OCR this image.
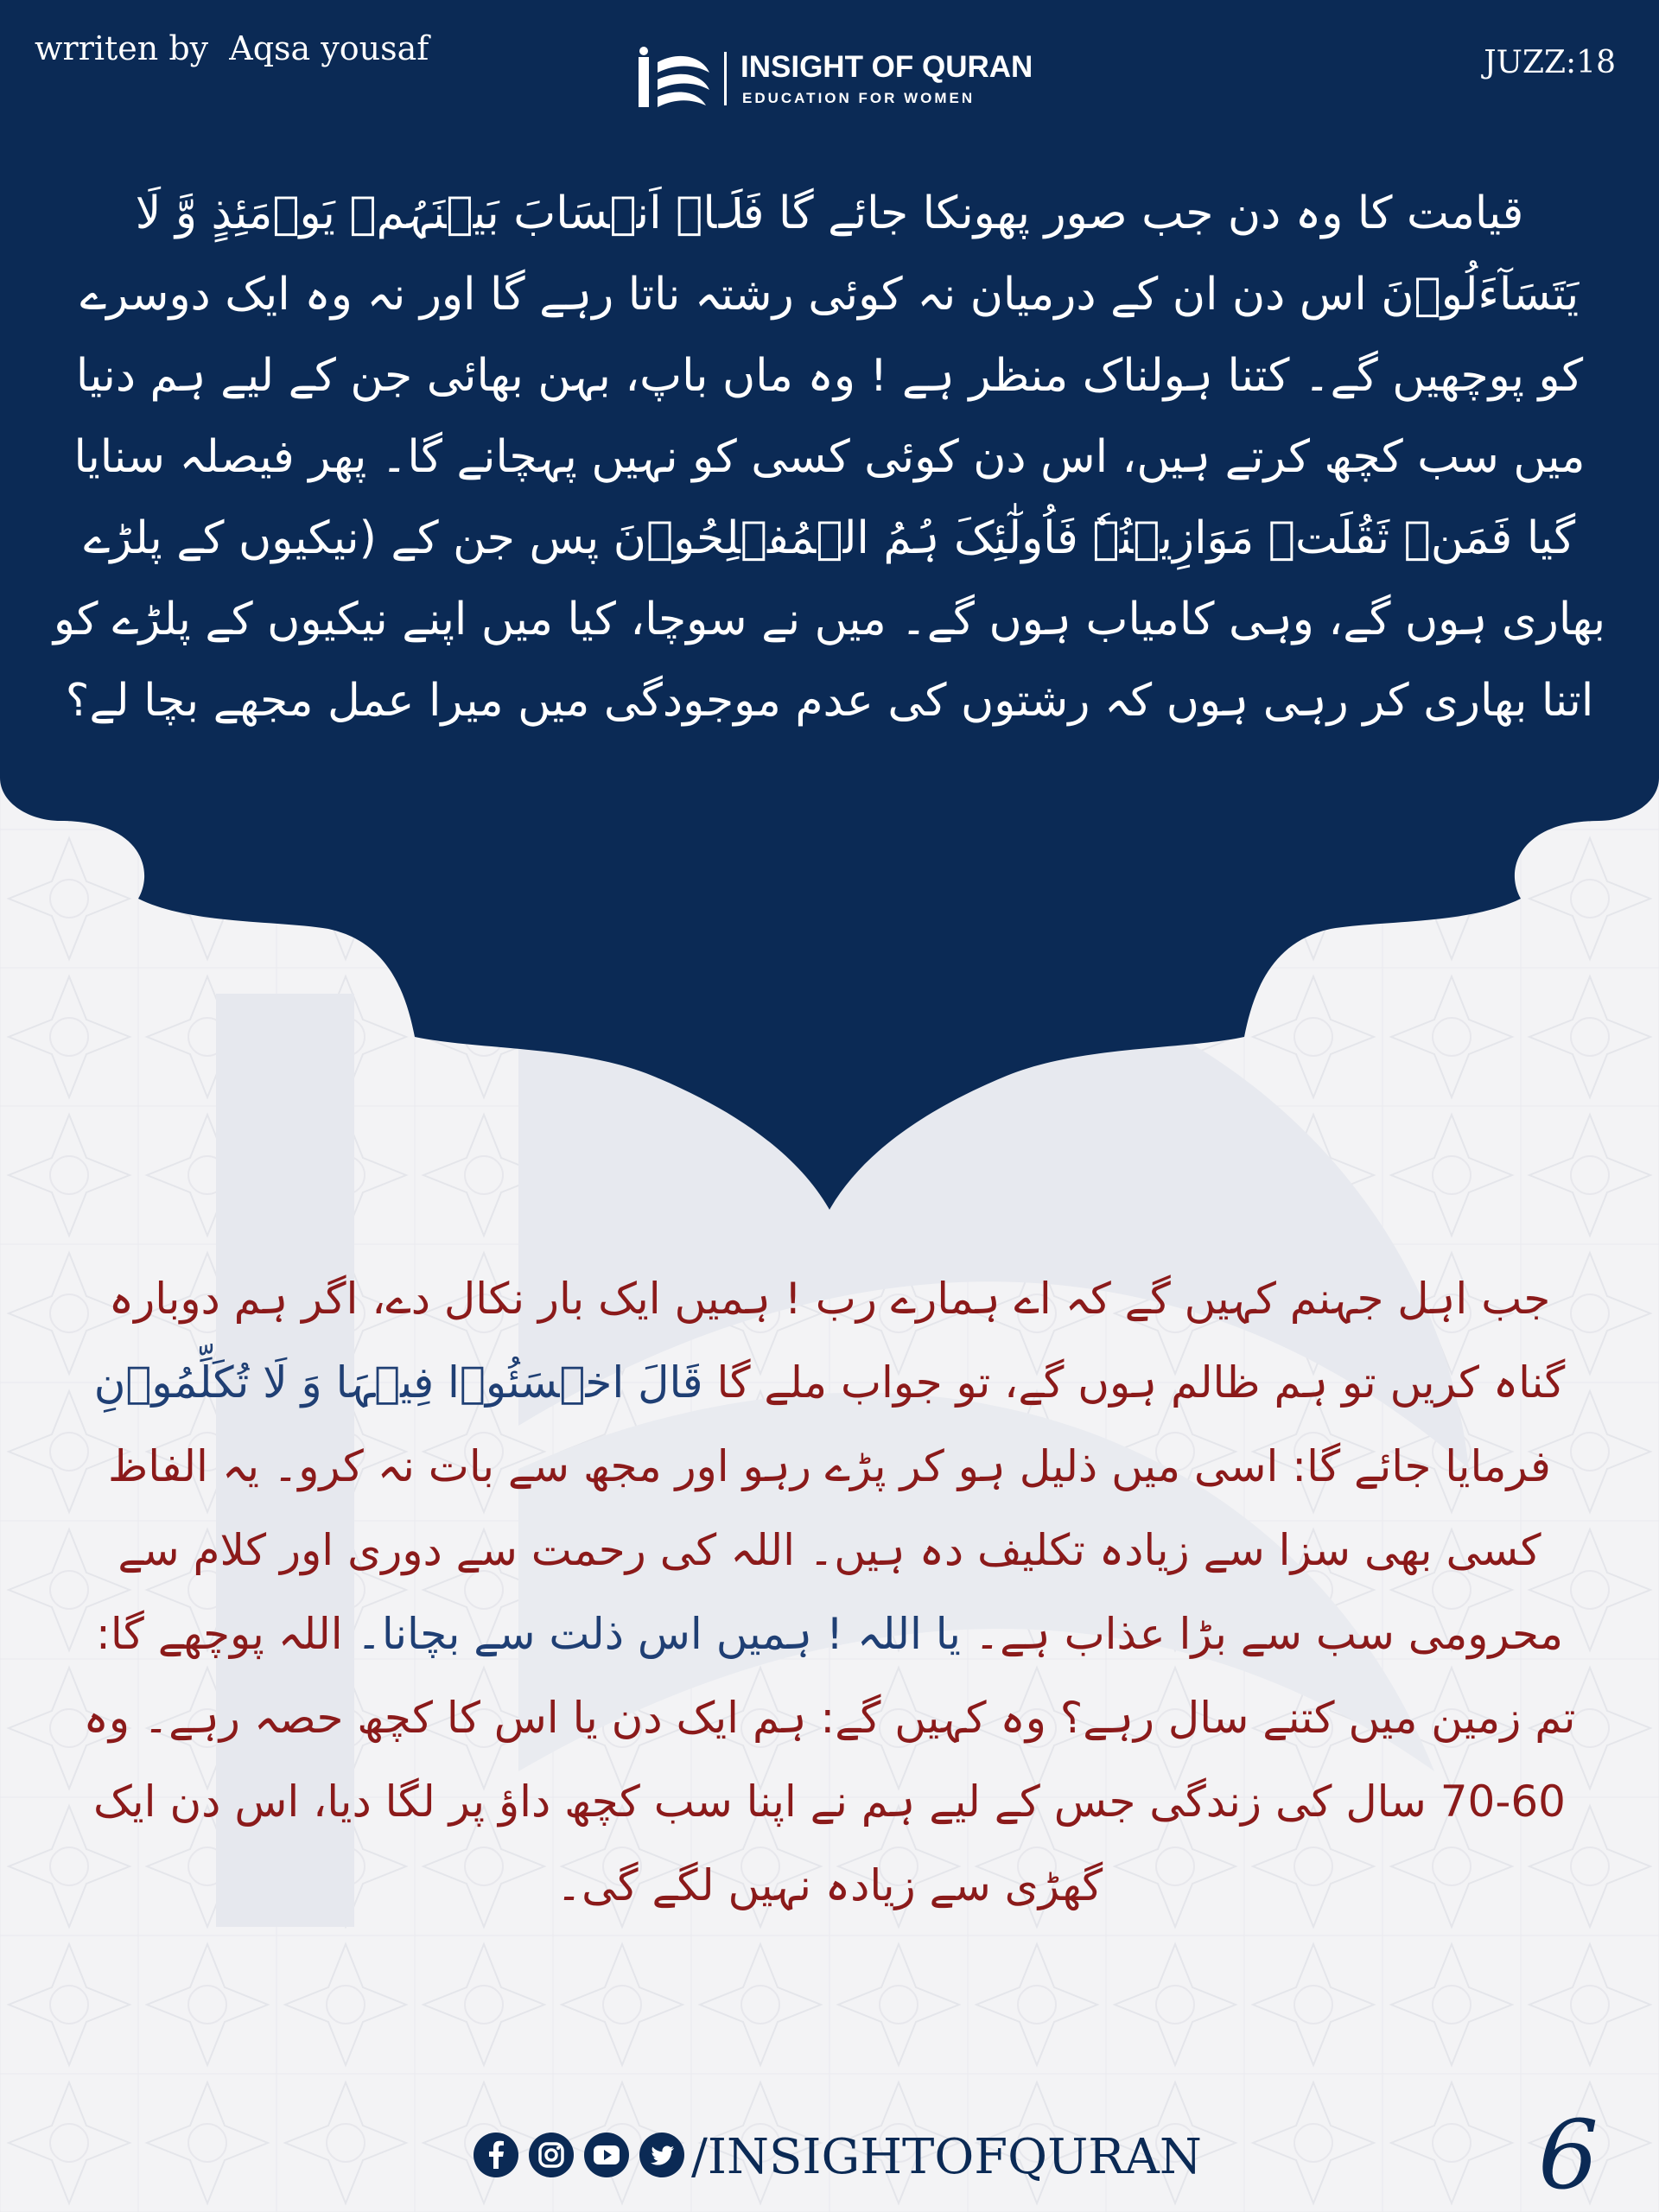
wrriten by  Aqsa yousaf	JUZZ:18
INSIGHT OF QURAN
EDUCATION FOR WOMEN
قیامت کا وہ دن جب صور پھونکا جائے گا فَلَاۤ اَنۡسَابَ بَیۡنَہُمۡ یَوۡمَئِذٍ وَّ لَا یَتَسَآءَلُوۡنَ اس دن ان کے درمیان نہ کوئی رشتہ ناتا رہے گا اور نہ وہ ایک دوسرے کو پوچھیں گے۔ کتنا ہولناک منظر ہے ! وہ ماں باپ، بہن بھائی جن کے لیے ہم دنیا میں سب کچھ کرتے ہیں، اس دن کوئی کسی کو نہیں پہچانے گا۔ پھر فیصلہ سنایا گیا فَمَنۡ ثَقُلَتۡ مَوَازِیۡنُہٗ فَاُولٰٓئِکَ ہُمُ الۡمُفۡلِحُوۡنَ پس جن کے (نیکیوں کے پلڑے بھاری ہوں گے، وہی کامیاب ہوں گے۔ میں نے سوچا، کیا میں اپنے نیکیوں کے پلڑے کو اتنا بھاری کر رہی ہوں کہ رشتوں کی عدم موجودگی میں میرا عمل مجھے بچا لے؟
جب اہل جہنم کہیں گے کہ اے ہمارے رب ! ہمیں ایک بار نکال دے، اگر ہم دوبارہ گناہ کریں تو ہم ظالم ہوں گے، تو جواب ملے گا قَالَ اخۡسَئُوۡا فِیۡہَا وَ لَا تُکَلِّمُوۡنِ فرمایا جائے گا: اسی میں ذلیل ہو کر پڑے رہو اور مجھ سے بات نہ کرو۔ یہ الفاظ کسی بھی سزا سے زیادہ تکلیف دہ ہیں۔ اللہ کی رحمت سے دوری اور کلام سے محرومی سب سے بڑا عذاب ہے۔ یا اللہ ! ہمیں اس ذلت سے بچانا۔ اللہ پوچھے گا: تم زمین میں کتنے سال رہے؟ وہ کہیں گے: ہم ایک دن یا اس کا کچھ حصہ رہے۔ وہ 60-70 سال کی زندگی جس کے لیے ہم نے اپنا سب کچھ داؤ پر لگا دیا، اس دن ایک گھڑی سے زیادہ نہیں لگے گی۔
/INSIGHTOFQURAN	6
